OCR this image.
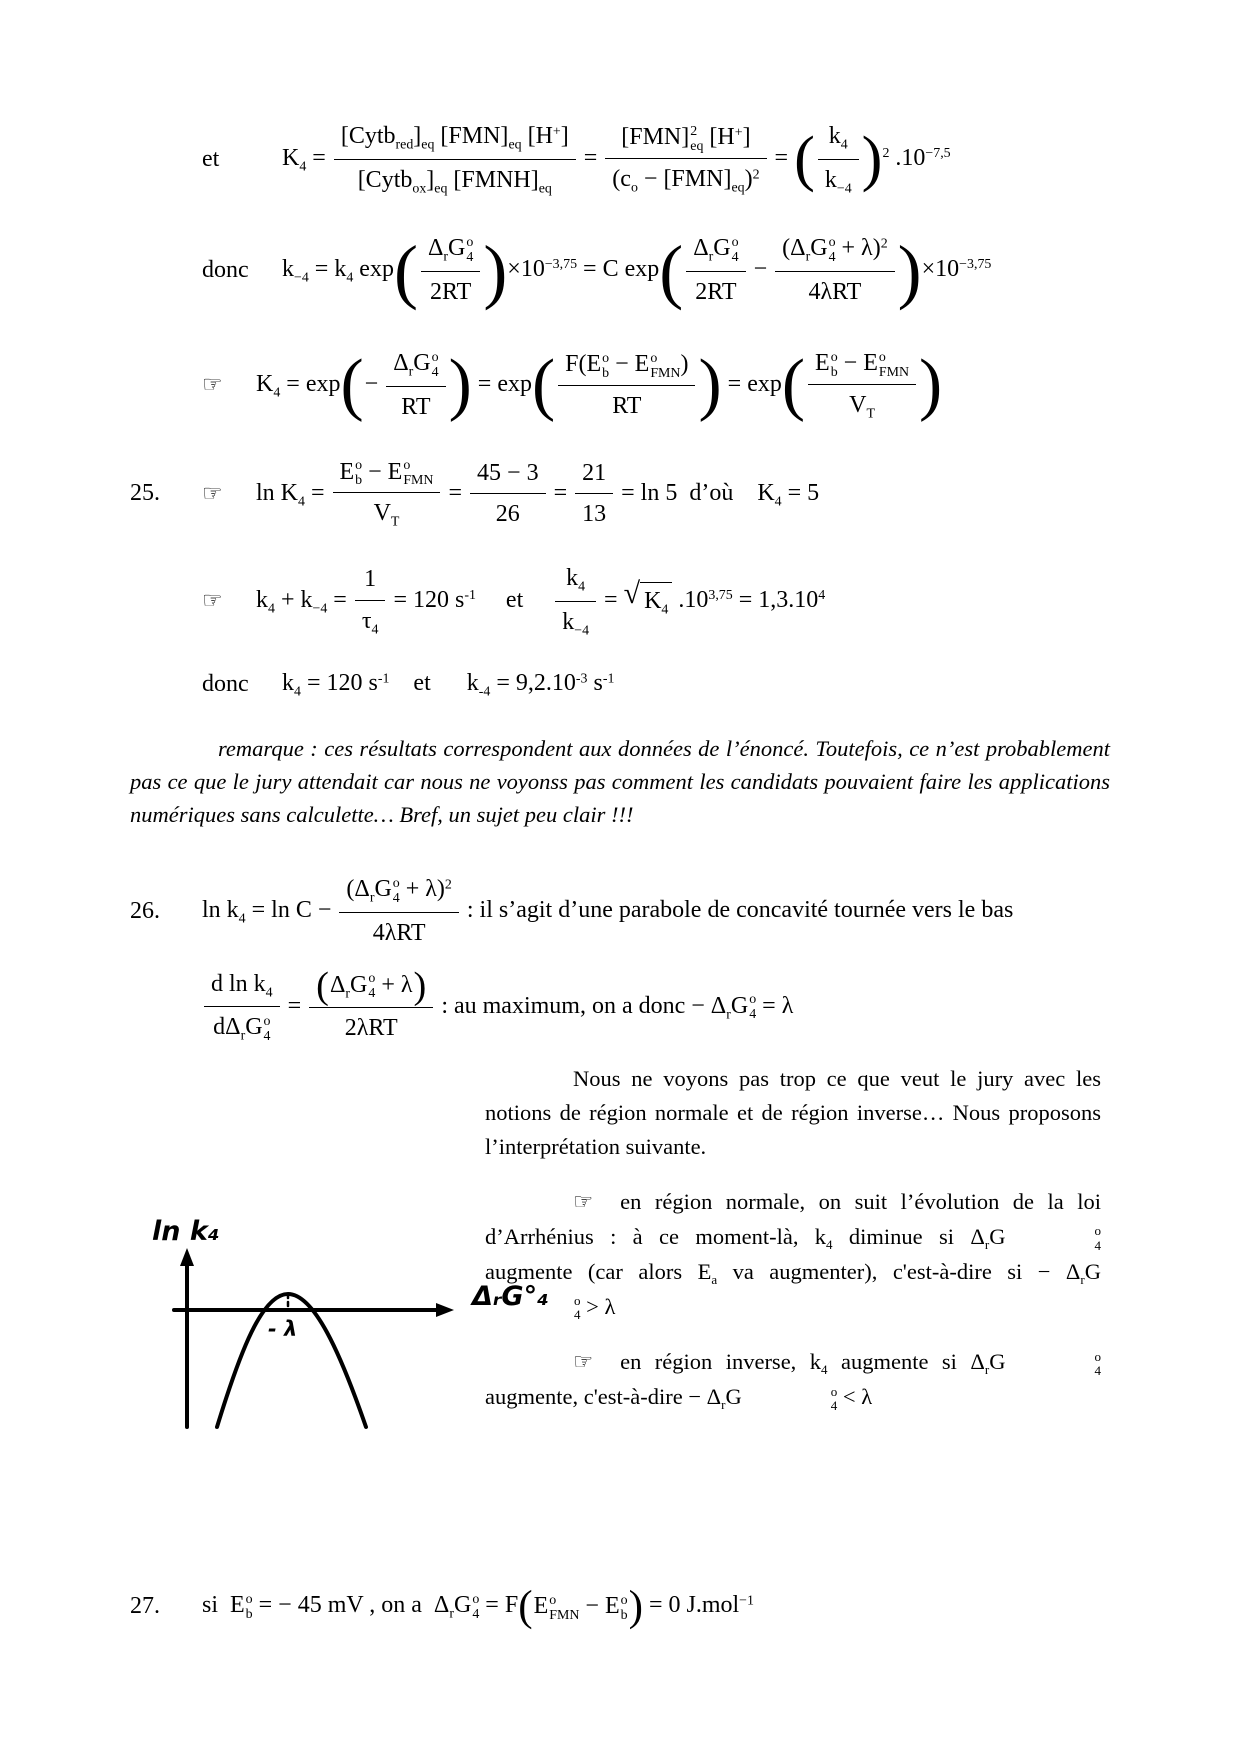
et	$K_4$ =
$[Cytb_{red}]_{eq}$ $[FMN]_{eq}$ [H+]
$[Cytb_{ox}]_{eq}$ $[FMNH]_{eq}$
=
[FMN] 2
eq [H+]
$(c_o - [FMN]_{eq})^2$
= ( $\frac{k_4}{k_{-4}}$ ) $^2$ $.10^{-7,5}$
donc	$k_{-4} = k_4$ exp ( $\Delta_rG$ o
4
2RT ) $\times 10^{-3,75} = C$ exp ( $\Delta_rG$ o
4
2RT
−
($\Delta_rG$ o
4 + λ)$^2$
4λRT ) $\times 10^{-3,75}$
☞	$K_4 = \exp$ ( −
$\Delta_rG$ o
4
RT ) = exp ( F(E o
b − E o
FMN )
RT ) = exp ( E o
b − E o
FMN
$V_T$ )
25.	☞	$\ln K_4$ =
E o
b − E o
FMN
$V_T$
= $\frac{45 - 3}{26} = \frac{21}{13} = \ln 5$  d’où    $K_4 = 5$
☞	$k_4 + k_{-4} = \frac{1}{\tau_4} = 120$ $s^{-1}$     et $\frac{k_4}{k_{-4}}$ = √ $K_4$ $.10^{3,75} = 1,3.10^4$
donc	$k_4 = 120$ $s^{-1}$    et      $k_{-4} = 9,2.10^{-3}$ $s^{-1}$

remarque : ces résultats correspondent aux données de l’énoncé. Toutefois, ce n’est probablement pas ce que le jury attendait car nous ne voyonss pas comment les candidats pouvaient faire les applications numériques sans calculette… Bref, un sujet peu clair !!!

26.	$\ln k_4 = \ln C$ −
($\Delta_rG$ o
4 + λ)$^2$
4λRT
: il s’agit d’une parabole de concavité tournée vers le bas
d $\ln k_4$
$d\Delta_rG$ o
4
= ( $\Delta_rG$ o
4 + λ )
2λRT
: au maximum, on a donc − $\Delta_rG$ o
4 = λ
ln k₄
ΔᵣG°₄
- λ

Nous ne voyons pas trop ce que veut le jury avec les notions de région normale et de région inverse… Nous proposons l’interprétation suivante.

☞  en région normale, on suit l’évolution de la loi d’Arrhénius : à ce moment-là, $k_4$ diminue si $\Delta_rG$	o
4
augmente (car alors $E_a$ va augmenter), c'est-à-dire si − $\Delta_rG$
o
4 > λ

☞  en région inverse, $k_4$ augmente si $\Delta_rG$	o
4
augmente, c'est-à-dire − $\Delta_rG$	o
4 < λ

27.	si  E o
b = − 45 mV , on a  $\Delta_rG$ o
4 = F ( E o
FMN − E o
b ) = 0 J.mol$^{-1}$
